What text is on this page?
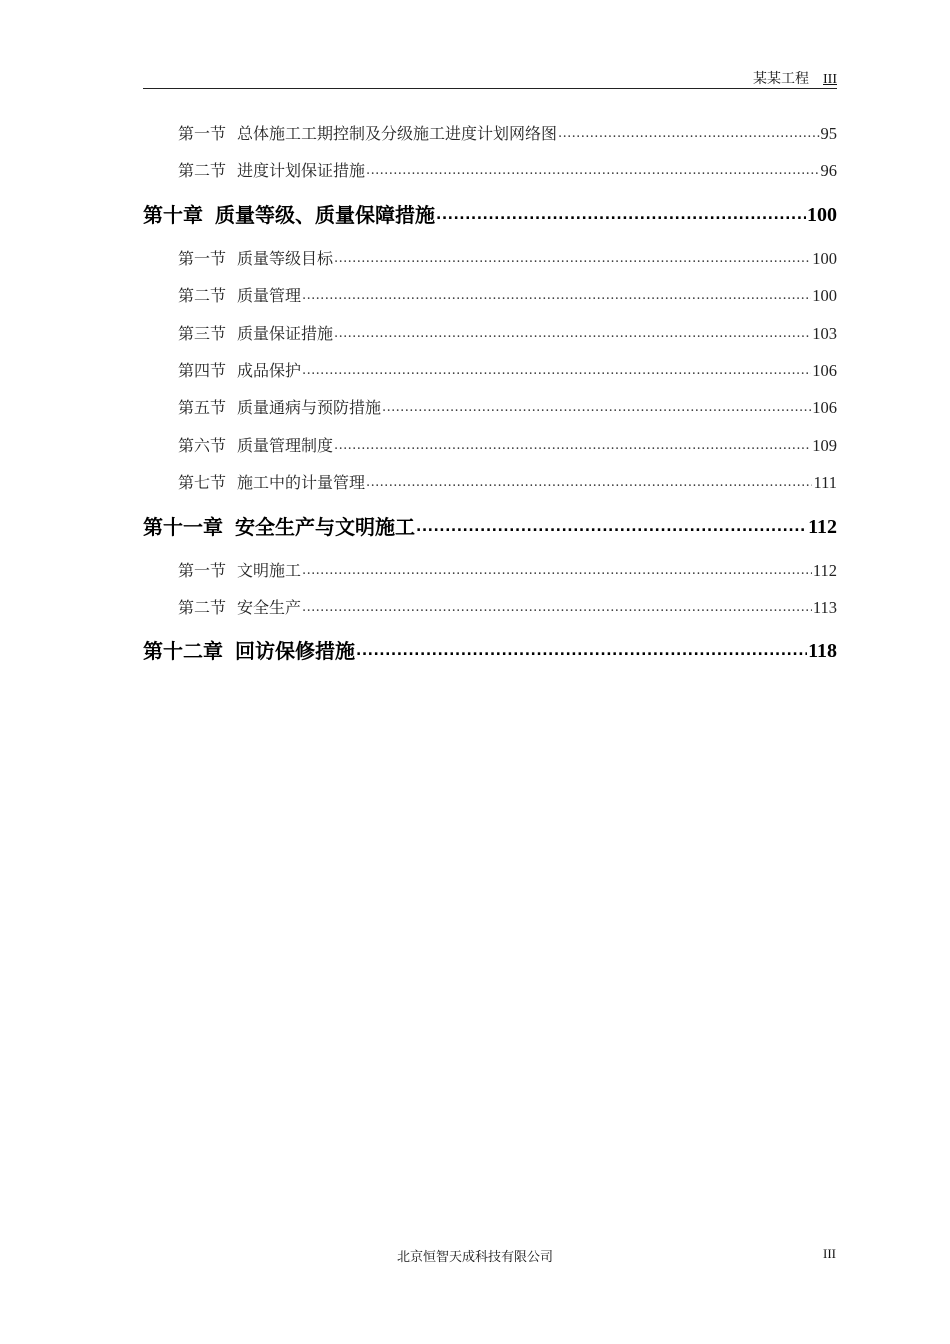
某某工程 III
第一节 总体施工工期控制及分级施工进度计划网络图 .....	95
第二节 进度计划保证措施 .....	96
第十章 质量等级、质量保障措施 .....	100
第一节 质量等级目标 .....	100
第二节 质量管理 .....	100
第三节 质量保证措施 .....	103
第四节 成品保护 .....	106
第五节 质量通病与预防措施 .....	106
第六节 质量管理制度 .....	109
第七节 施工中的计量管理 .....	111
第十一章 安全生产与文明施工 .....	112
第一节 文明施工 .....	112
第二节 安全生产 .....	113
第十二章 回访保修措施 .....	118
北京恒智天成科技有限公司	III
